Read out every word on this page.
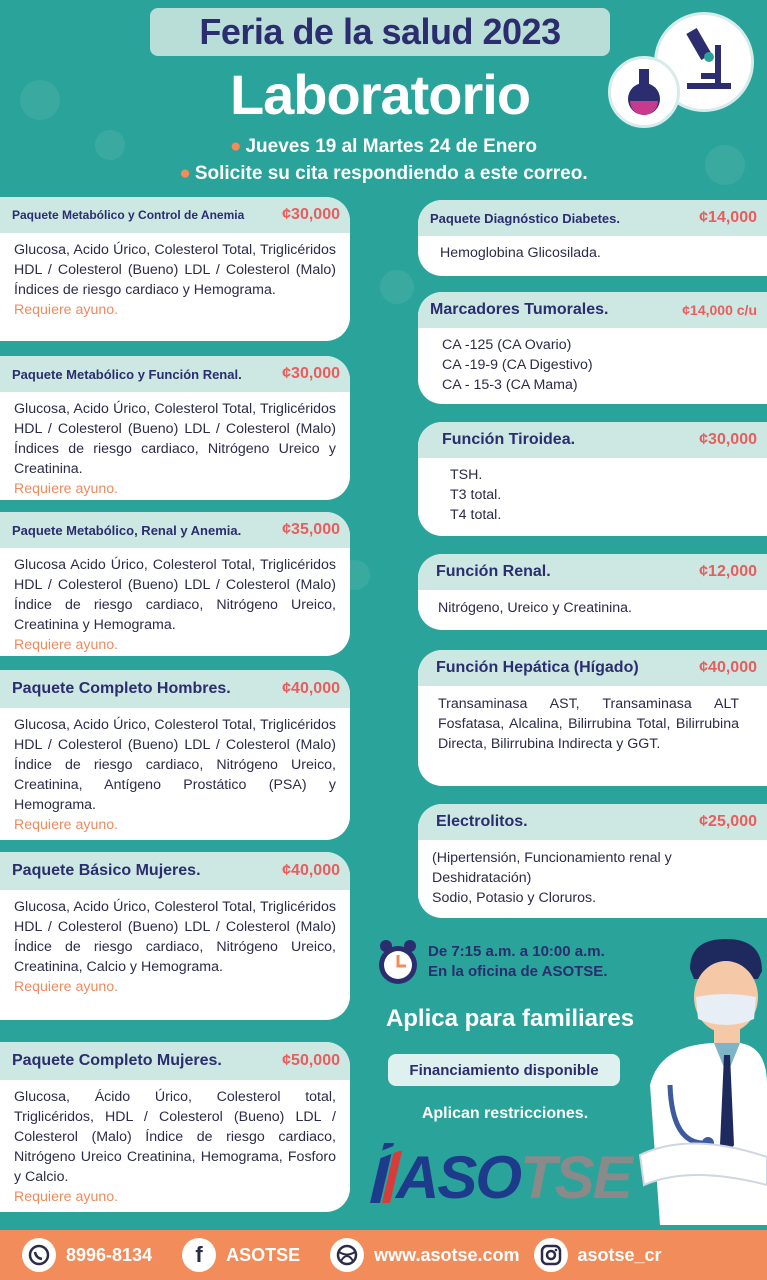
Feria de la salud 2023
Laboratorio
● Jueves 19 al Martes 24 de Enero
● Solicite su cita respondiendo a este correo.
Paquete Metabólico y Control de Anemia ¢30,000
Glucosa, Acido Úrico, Colesterol Total, Triglicéridos HDL / Colesterol (Bueno) LDL / Colesterol (Malo) Índices de riesgo cardiaco y Hemograma.
Requiere ayuno.
Paquete Metabólico y Función Renal.	¢30,000
Glucosa, Acido Úrico, Colesterol Total, Triglicéridos HDL / Colesterol (Bueno) LDL / Colesterol (Malo) Índices de riesgo cardiaco, Nitrógeno Ureico y Creatinina.
Requiere ayuno.
Paquete Metabólico, Renal y Anemia.	¢35,000
Glucosa Acido Úrico, Colesterol Total, Triglicéridos HDL / Colesterol (Bueno) LDL / Colesterol (Malo) Índice de riesgo cardiaco, Nitrógeno Ureico, Creatinina y Hemograma.
Requiere ayuno.
Paquete Completo Hombres.	¢40,000
Glucosa, Acido Úrico, Colesterol Total, Triglicéridos HDL / Colesterol (Bueno) LDL / Colesterol (Malo) Índice de riesgo cardiaco, Nitrógeno Ureico, Creatinina, Antígeno Prostático (PSA) y Hemograma.
Requiere ayuno.
Paquete Básico Mujeres.	¢40,000
Glucosa, Acido Úrico, Colesterol Total, Triglicéridos HDL / Colesterol (Bueno) LDL / Colesterol (Malo) Índice de riesgo cardiaco, Nitrógeno Ureico, Creatinina, Calcio y Hemograma.
Requiere ayuno.
Paquete Completo Mujeres.	¢50,000
Glucosa, Ácido Úrico, Colesterol total, Triglicéridos, HDL / Colesterol (Bueno) LDL / Colesterol (Malo) Índice de riesgo cardiaco, Nitrógeno Ureico Creatinina, Hemograma, Fosforo y Calcio.
Requiere ayuno.
Paquete Diagnóstico Diabetes.	¢14,000
Hemoglobina Glicosilada.
Marcadores Tumorales.	¢14,000 c/u
CA -125 (CA Ovario)
CA -19-9 (CA Digestivo)
CA - 15-3 (CA Mama)
Función Tiroidea.	¢30,000
TSH.
T3 total.
T4 total.
Función Renal.	¢12,000
Nitrógeno, Ureico y Creatinina.
Función Hepática (Hígado)	¢40,000
Transaminasa AST, Transaminasa ALT Fosfatasa, Alcalina, Bilirrubina Total, Bilirrubina Directa, Bilirrubina Indirecta y GGT.
Electrolitos.	¢25,000
(Hipertensión, Funcionamiento renal y Deshidratación)
Sodio, Potasio y Cloruros.
De 7:15 a.m. a 10:00 a.m.
En la oficina de ASOTSE.
Aplica para familiares
Financiamiento disponible
Aplican restricciones.
ASOTSE
8996-8134 f ASOTSE	www.asotse.com	asotse_cr
